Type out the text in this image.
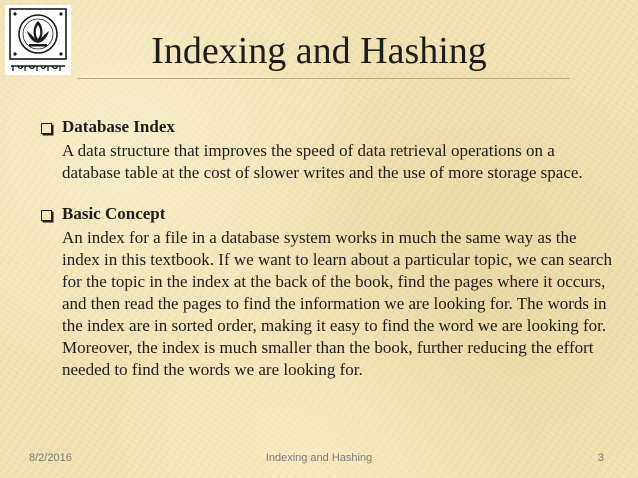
Indexing and Hashing
Database Index
A data structure that improves the speed of data retrieval operations on a database table at the cost of slower writes and the use of more storage space.
Basic Concept
An index for a file in a database system works in much the same way as the index in this textbook. If we want to learn about a particular topic, we can search for the topic in the index at the back of the book, find the pages where it occurs, and then read the pages to find the information we are looking for. The words in the index are in sorted order, making it easy to find the word we are looking for. Moreover, the index is much smaller than the book, further reducing the effort needed to find the words we are looking for.
8/2/2016	Indexing and Hashing	3
